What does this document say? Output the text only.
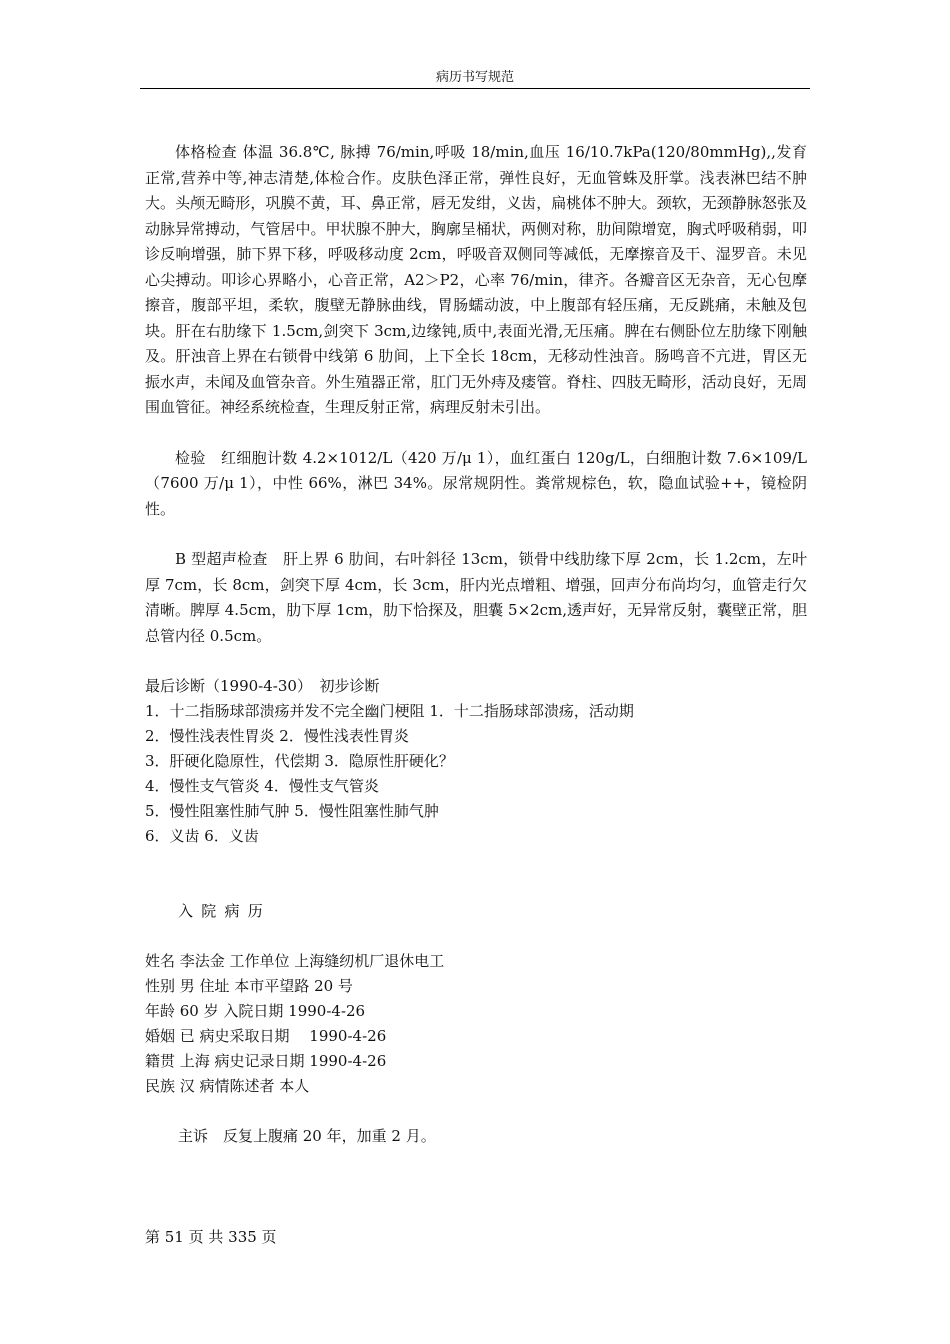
病历书写规范

体格检查 体温 36.8℃, 脉搏 76/min,呼吸 18/min,血压 16/10.7kPa(120/80mmHg),,发育正常,营养中等,神志清楚,体检合作。皮肤色泽正常，弹性良好，无血管蛛及肝掌。浅表淋巴结不肿大。头颅无畸形，巩膜不黄，耳、鼻正常，唇无发绀，义齿，扁桃体不肿大。颈软，无颈静脉怒张及动脉异常搏动，气管居中。甲状腺不肿大，胸廓呈桶状，两侧对称，肋间隙增宽，胸式呼吸稍弱，叩诊反响增强，肺下界下移，呼吸移动度 2cm，呼吸音双侧同等减低，无摩擦音及干、湿罗音。未见心尖搏动。叩诊心界略小，心音正常，A2＞P2，心率 76/min，律齐。各瓣音区无杂音，无心包摩擦音，腹部平坦，柔软，腹壁无静脉曲线，胃肠蠕动波，中上腹部有轻压痛，无反跳痛，未触及包块。肝在右肋缘下 1.5cm,剑突下 3cm,边缘钝,质中,表面光滑,无压痛。脾在右侧卧位左肋缘下刚触及。肝浊音上界在右锁骨中线第 6 肋间，上下全长 18cm，无移动性浊音。肠鸣音不亢进，胃区无振水声，未闻及血管杂音。外生殖器正常，肛门无外痔及瘘管。脊柱、四肢无畸形，活动良好，无周围血管征。神经系统检查，生理反射正常，病理反射未引出。

检验　红细胞计数 4.2×1012/L（420 万/μ 1），血红蛋白 120g/L，白细胞计数 7.6×109/L（7600 万/μ 1），中性 66%，淋巴 34%。尿常规阴性。粪常规棕色，软，隐血试验++，镜检阴性。

B 型超声检查　肝上界 6 肋间，右叶斜径 13cm，锁骨中线肋缘下厚 2cm，长 1.2cm，左叶厚 7cm，长 8cm，剑突下厚 4cm，长 3cm，肝内光点增粗、增强，回声分布尚均匀，血管走行欠清晰。脾厚 4.5cm，肋下厚 1cm，肋下恰探及，胆囊 5×2cm,透声好，无异常反射，囊壁正常，胆总管内径 0.5cm。

最后诊断（1990-4-30）　初步诊断

1．十二指肠球部溃疡并发不完全幽门梗阻 1．十二指肠球部溃疡，活动期

2．慢性浅表性胃炎 2．慢性浅表性胃炎

3．肝硬化隐原性，代偿期 3．隐原性肝硬化？

4．慢性支气管炎 4．慢性支气管炎

5．慢性阻塞性肺气肿 5．慢性阻塞性肺气肿

6．义齿 6．义齿

入院病历

姓名 李法金 工作单位 上海缝纫机厂退休电工

性别 男 住址 本市平望路 20 号

年龄 60 岁 入院日期 1990-4-26

婚姻 已 病史采取日期　 1990-4-26

籍贯 上海 病史记录日期 1990-4-26

民族 汉 病情陈述者 本人

主诉　反复上腹痛 20 年，加重 2 月。

第 51 页 共 335 页
